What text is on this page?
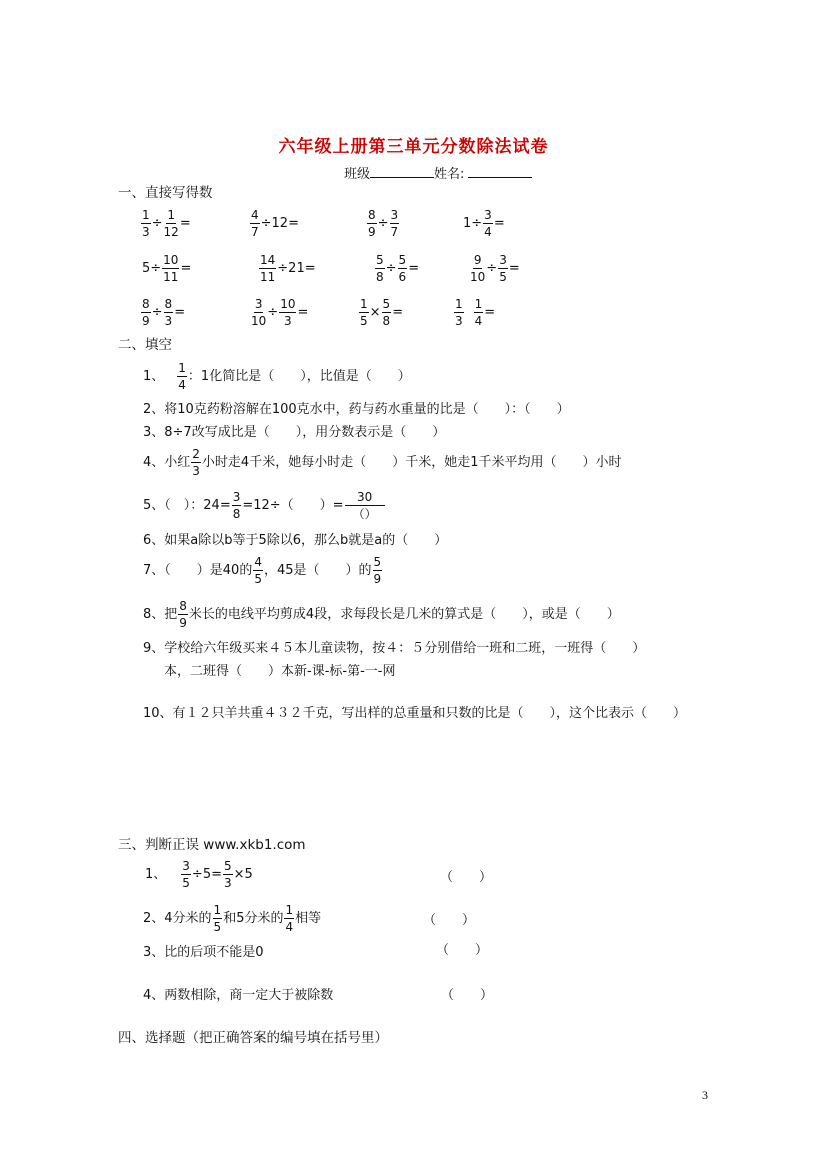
六年级上册第三单元分数除法试卷
班级	姓名:
一、直接写得数
$\frac{1}{3} \div \frac{1}{12}$ =	$\frac{4}{7} \div 12=$	$\frac{8}{9} \div \frac{3}{7}$	$1\div \frac{3}{4}$ =
$5\div \frac{10}{11}$ =	$\frac{14}{11} \div 21=$	$\frac{5}{8} \div \frac{5}{6}$ =	$\frac{9}{10} \div \frac{3}{5}$ =
$\frac{8}{9} \div \frac{8}{3}$ =	$\frac{3}{10} \div \frac{10}{3}$ =	$\frac{1}{5} \times \frac{5}{8}$ =	$\frac{1}{3} \frac{1}{4}$ =
二、填空
1、 $\frac{1}{4}$ ：1化简比是（　　），比值是（　　）
2、将10克药粉溶解在100克水中，药与药水重量的比是（　　）：（　　）
3、8÷7改写成比是（　　），用分数表示是（　　）
4、小红 $\frac{2}{3}$ 小时走4千米，她每小时走（　　）千米，她走1千米平均用（　　）小时
5、（　）：$24= \frac{3}{8} =12\div$（　　）= $\frac{30}{()}$
6、如果a除以b等于5除以6，那么b就是a的（　　）
7、（　　）是40的 $\frac{4}{5}$ ，45是（　　）的 $\frac{5}{9}$
8、把 $\frac{8}{9}$ 米长的电线平均剪成4段，求每段长是几米的算式是（　　），或是（　　）
9、学校给六年级买来４５本儿童读物，按４：５分别借给一班和二班，一班得（　　）
本，二班得（　　）本新-课-标-第-一-网
10、有１２只羊共重４３２千克，写出样的总重量和只数的比是（　　），这个比表示（　　）
三、判断正误 www.xkb1.com
1、 $\frac{3}{5} \div 5= \frac{5}{3} \times 5$	（　　）
2、4分米的 $\frac{1}{5}$ 和5分米的 $\frac{1}{4}$ 相等	（　　）
3、比的后项不能是0	（　　）
4、两数相除，商一定大于被除数	（　　）
四、选择题（把正确答案的编号填在括号里）
3
